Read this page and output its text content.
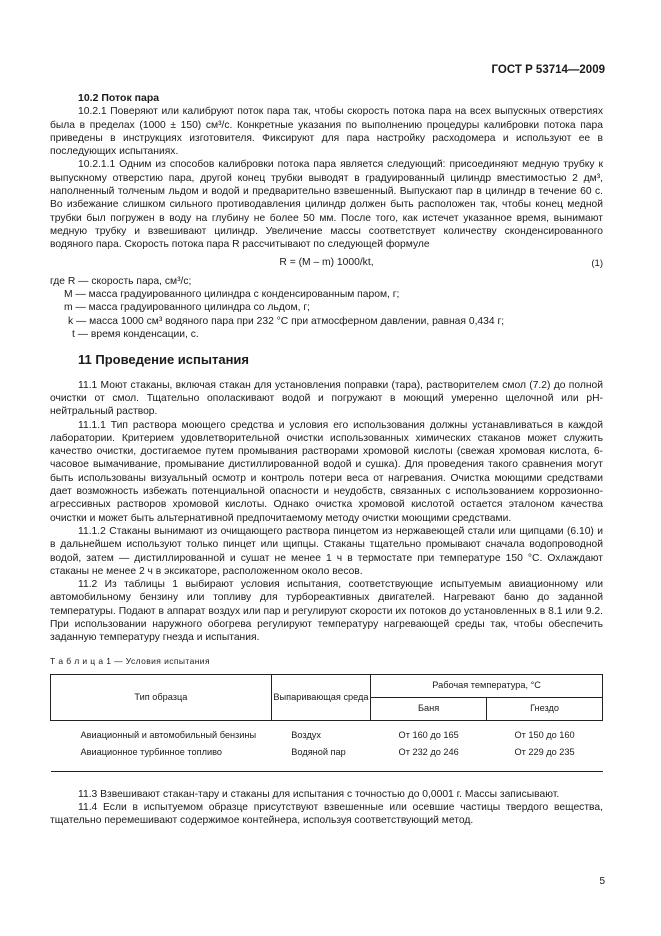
ГОСТ Р 53714—2009

10.2 Поток пара

10.2.1 Поверяют или калибруют поток пара так, чтобы скорость потока пара на всех выпускных отверстиях была в пределах (1000 ± 150) см³/с. Конкретные указания по выполнению процедуры калибровки потока пара приведены в инструкциях изготовителя. Фиксируют для пара настройку расходомера и используют ее в последующих испытаниях.

10.2.1.1 Одним из способов калибровки потока пара является следующий: присоединяют медную трубку к выпускному отверстию пара, другой конец трубки выводят в градуированный цилиндр вместимостью 2 дм³, наполненный толченым льдом и водой и предварительно взвешенный. Выпускают пар в цилиндр в течение 60 с. Во избежание слишком сильного противодавления цилиндр должен быть расположен так, чтобы конец медной трубки был погружен в воду на глубину не более 50 мм. После того, как истечет указанное время, вынимают медную трубку и взвешивают цилиндр. Увеличение массы соответствует количеству сконденсированного водяного пара. Скорость потока пара R рассчитывают по следующей формуле

R = (M – m) 1000/kt,	(1)

где R — скорость пара, см³/с;

M — масса градуированного цилиндра с конденсированным паром, г;

m — масса градуированного цилиндра со льдом, г;

k — масса 1000 см³ водяного пара при 232 °С при атмосферном давлении, равная 0,434 г;

t — время конденсации, с.

11 Проведение испытания

11.1 Моют стаканы, включая стакан для установления поправки (тара), растворителем смол (7.2) до полной очистки от смол. Тщательно ополаскивают водой и погружают в моющий умеренно щелочной или pH-нейтральный раствор.

11.1.1 Тип раствора моющего средства и условия его использования должны устанавливаться в каждой лаборатории. Критерием удовлетворительной очистки использованных химических стаканов может служить качество очистки, достигаемое путем промывания растворами хромовой кислоты (свежая хромовая кислота, 6-часовое вымачивание, промывание дистиллированной водой и сушка). Для проведения такого сравнения могут быть использованы визуальный осмотр и контроль потери веса от нагревания. Очистка моющими средствами дает возможность избежать потенциальной опасности и неудобств, связанных с использованием коррозионно-агрессивных растворов хромовой кислоты. Однако очистка хромовой кислотой остается эталоном качества очистки и может быть альтернативной предпочитаемому методу очистки моющими средствами.

11.1.2 Стаканы вынимают из очищающего раствора пинцетом из нержавеющей стали или щипцами (6.10) и в дальнейшем используют только пинцет или щипцы. Стаканы тщательно промывают сначала водопроводной водой, затем — дистиллированной и сушат не менее 1 ч в термостате при температуре 150 °С. Охлаждают стаканы не менее 2 ч в эксикаторе, расположенном около весов.

11.2 Из таблицы 1 выбирают условия испытания, соответствующие испытуемым авиационному или автомобильному бензину или топливу для турбореактивных двигателей. Нагревают баню до заданной температуры. Подают в аппарат воздух или пар и регулируют скорости их потоков до установленных в 8.1 или 9.2. При использовании наружного обогрева регулируют температуру нагревающей среды так, чтобы обеспечить заданную температуру гнезда и испытания.

Т а б л и ц а 1 — Условия испытания

Тип образца	Выпаривающая среда	Рабочая температура, °С	
		Баня	Гнездо
Авиационный и автомобильный бензины	Воздух	От 160 до 165	От 150 до 160
Авиационное турбинное топливо	Водяной пар	От 232 до 246	От 229 до 235

11.3 Взвешивают стакан-тару и стаканы для испытания с точностью до 0,0001 г. Массы записывают.

11.4 Если в испытуемом образце присутствуют взвешенные или осевшие частицы твердого вещества, тщательно перемешивают содержимое контейнера, используя соответствующий метод.

5
